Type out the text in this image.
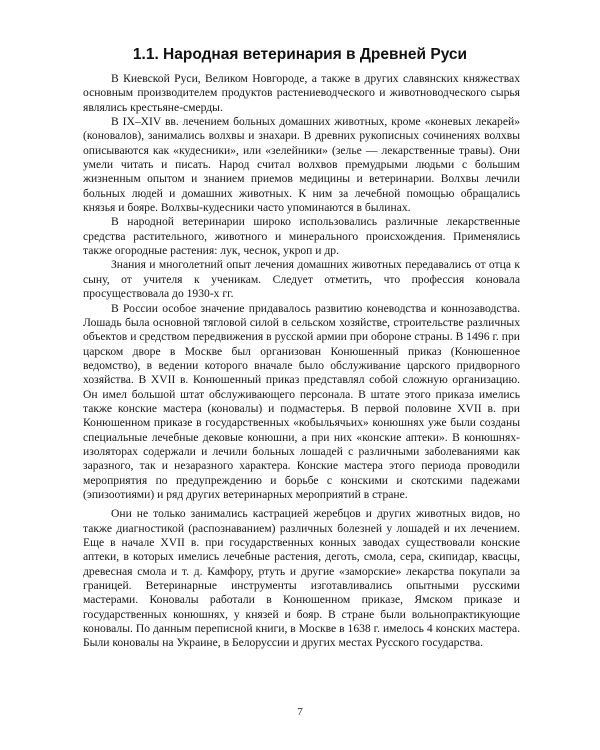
1.1. Народная ветеринария в Древней Руси

В Киевской Руси, Великом Новгороде, а также в других славянских княжествах основным производителем продуктов растениеводческого и животноводческого сырья являлись крестьяне-смерды.

В IX–XIV вв. лечением больных домашних животных, кроме «коневых лекарей» (коновалов), занимались волхвы и знахари. В древних рукописных сочинениях волхвы описываются как «кудесники», или «зелейники» (зелье — лекарственные травы). Они умели читать и писать. Народ считал волхвов премудрыми людьми с большим жизненным опытом и знанием приемов медицины и ветеринарии. Волхвы лечили больных людей и домашних животных. К ним за лечебной помощью обращались князья и бояре. Волхвы-кудесники часто упоминаются в былинах.

В народной ветеринарии широко использовались различные лекарственные средства растительного, животного и минерального происхождения. Применялись также огородные растения: лук, чеснок, укроп и др.

Знания и многолетний опыт лечения домашних животных передавались от отца к сыну, от учителя к ученикам. Следует отметить, что профессия коновала просуществовала до 1930-х гг.

В России особое значение придавалось развитию коневодства и коннозаводства. Лошадь была основной тягловой силой в сельском хозяйстве, строительстве различных объектов и средством передвижения в русской армии при обороне страны. В 1496 г. при царском дворе в Москве был организован Конюшенный приказ (Конюшенное ведомство), в ведении которого вначале было обслуживание царского придворного хозяйства. В XVII в. Конюшенный приказ представлял собой сложную организацию. Он имел большой штат обслуживающего персонала. В штате этого приказа имелись также конские мастера (коновалы) и подмастерья. В первой половине XVII в. при Конюшенном приказе в государственных «кобыльячьих» конюшнях уже были созданы специальные лечебные дековые конюшни, а при них «конские аптеки». В конюшнях-изоляторах содержали и лечили больных лошадей с различными заболеваниями как заразного, так и незаразного характера. Конские мастера этого периода проводили мероприятия по предупреждению и борьбе с конскими и скотскими падежами (эпизоотиями) и ряд других ветеринарных мероприятий в стране.

Они не только занимались кастрацией жеребцов и других животных видов, но также диагностикой (распознаванием) различных болезней у лошадей и их лечением. Еще в начале XVII в. при государственных конных заводах существовали конские аптеки, в которых имелись лечебные растения, деготь, смола, сера, скипидар, квасцы, древесная смола и т. д. Камфору, ртуть и другие «заморские» лекарства покупали за границей. Ветеринарные инструменты изготавливались опытными русскими мастерами. Коновалы работали в Конюшенном приказе, Ямском приказе и государственных конюшнях, у князей и бояр. В стране были вольнопрактикующие коновалы. По данным переписной книги, в Москве в 1638 г. имелось 4 конских мастера. Были коновалы на Украине, в Белоруссии и других местах Русского государства.

7
